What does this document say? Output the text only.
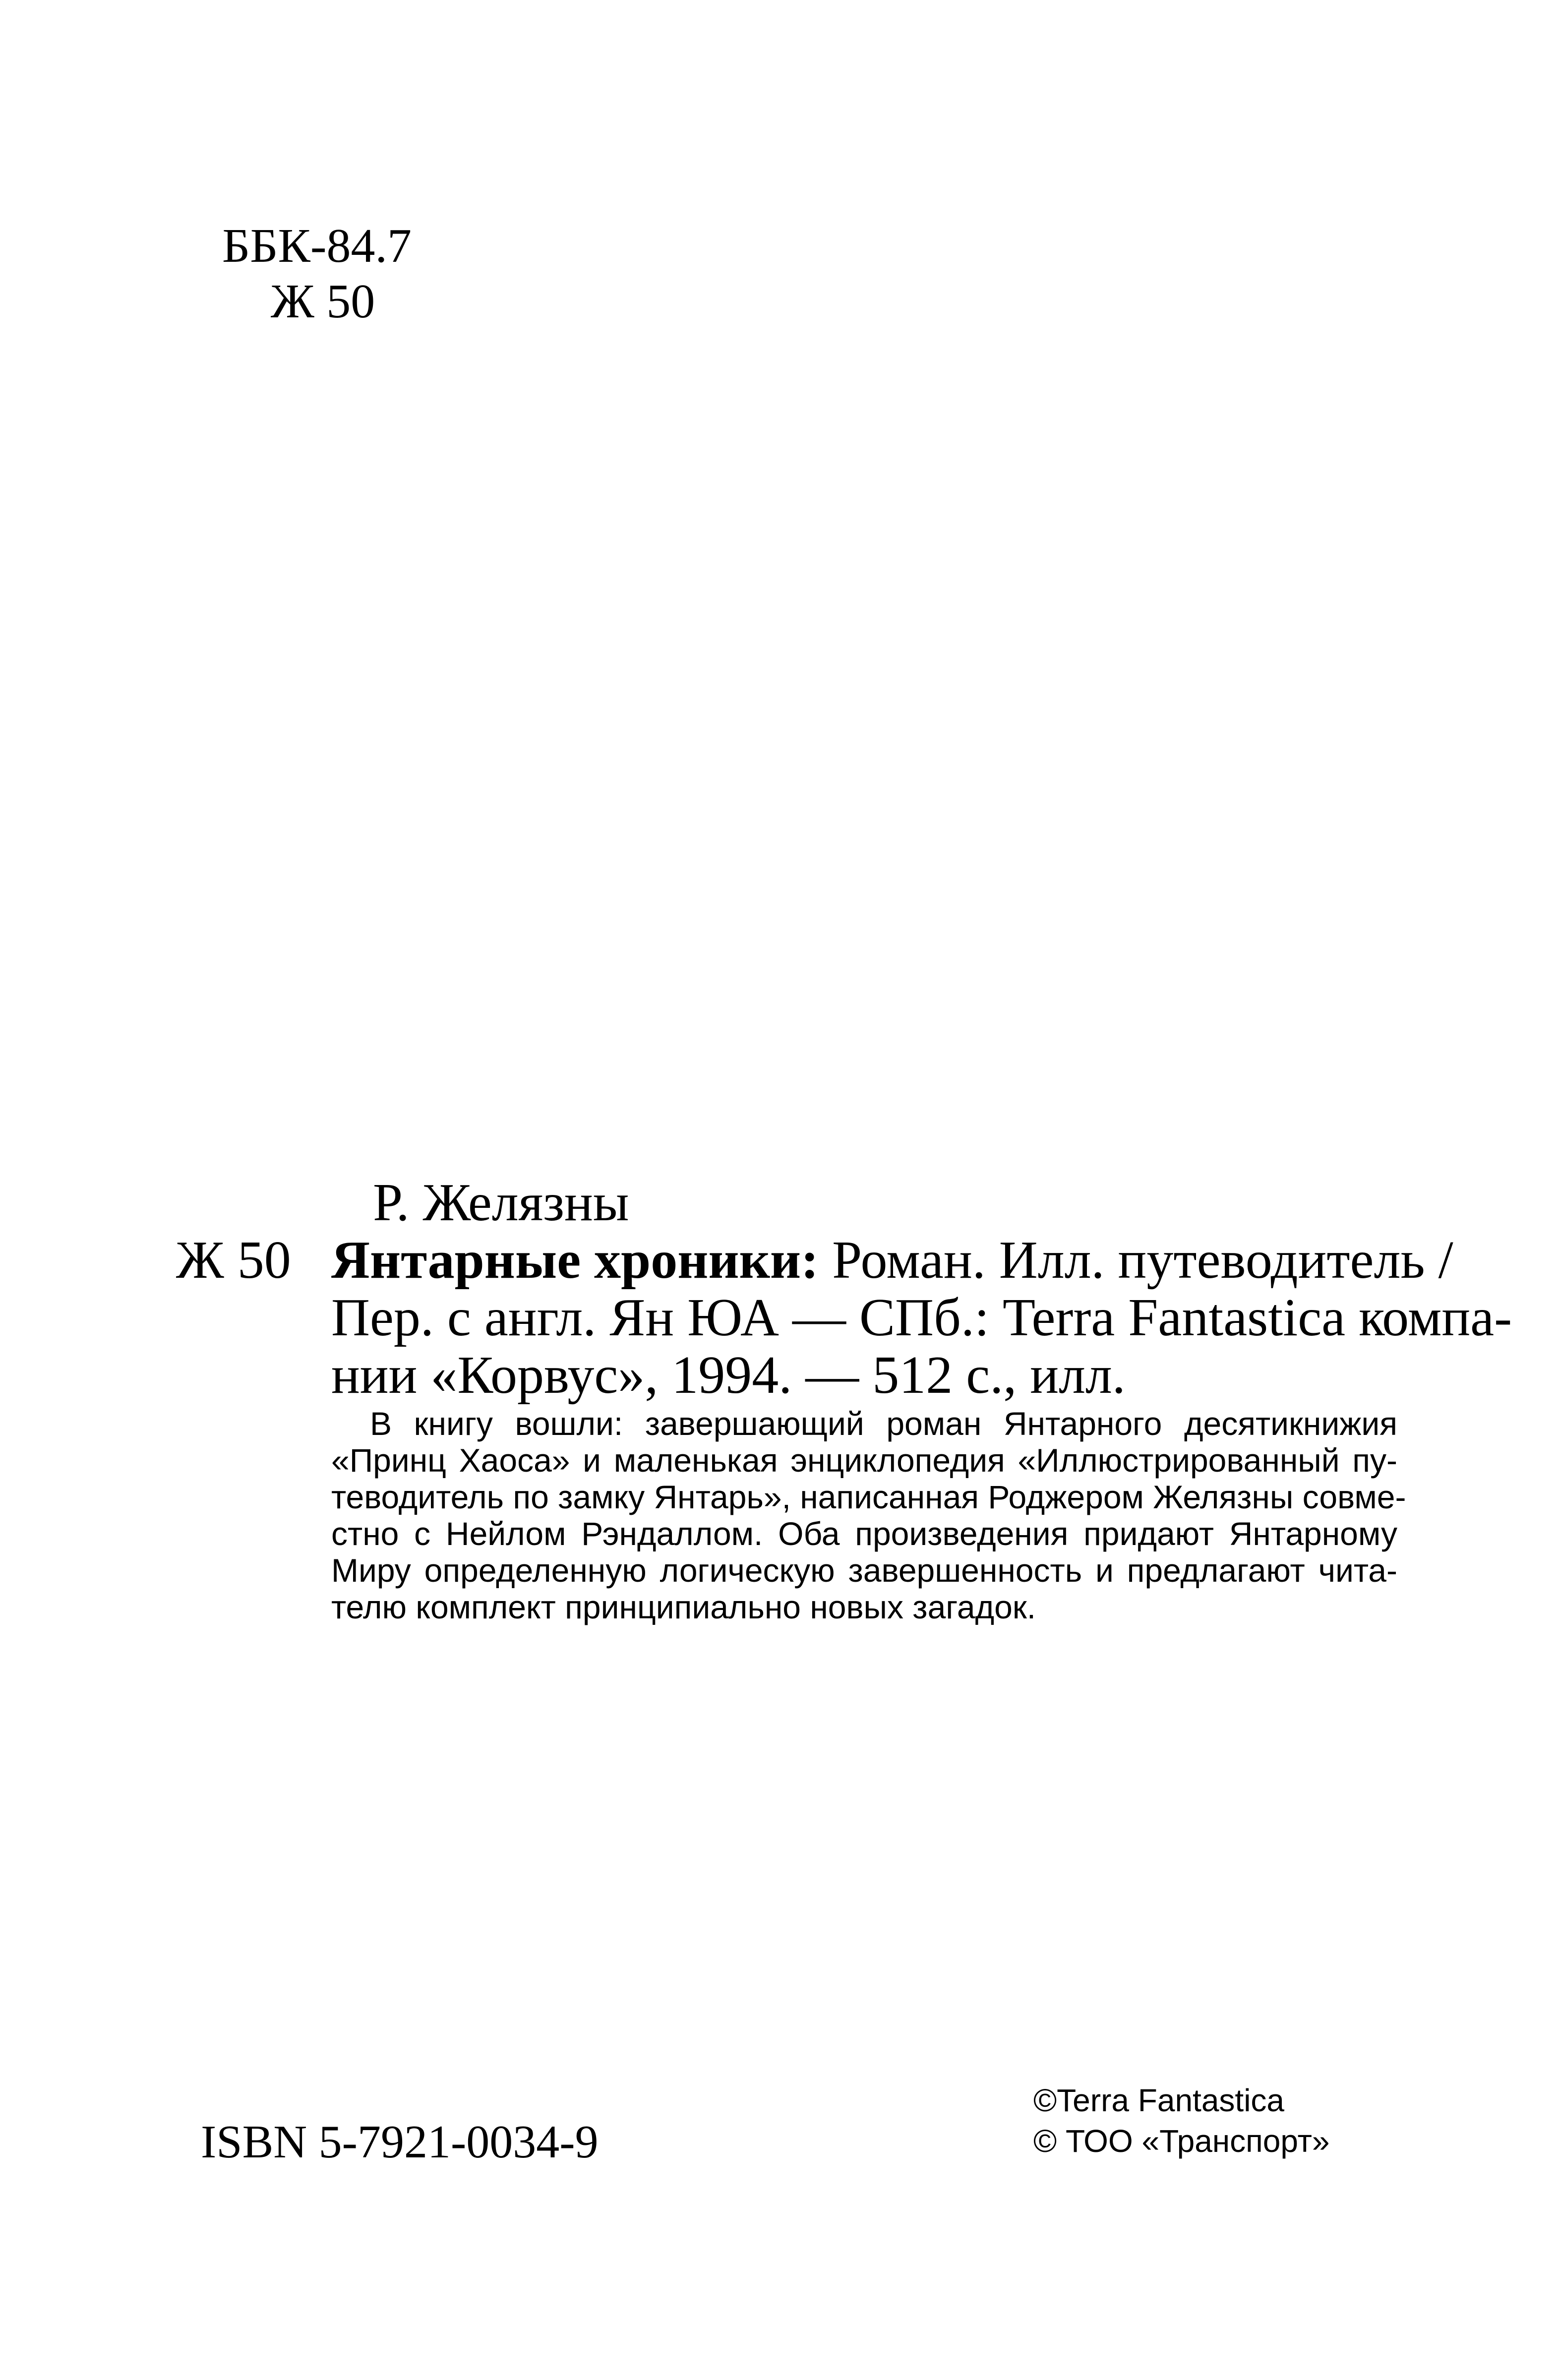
ББК-84.7
Ж 50
Р. Желязны
Ж 50 Янтарные хроники: Роман. Илл. путеводитель /
Пер. с англ. Ян ЮА — СПб.: Terra Fantastica компа-
нии «Корвус», 1994. — 512 с., илл.
В книгу вошли: завершающий роман Янтарного десятикнижия
«Принц Хаоса» и маленькая энциклопедия «Иллюстрированный пу-
теводитель по замку Янтарь», написанная Роджером Желязны совме-
стно с Нейлом Рэндаллом. Оба произведения придают Янтарному
Миру определенную логическую завершенность и предлагают чита-
телю комплект принципиально новых загадок.
ISBN 5-7921-0034-9
©Terra Fantastica
© ТОО «Транспорт»
